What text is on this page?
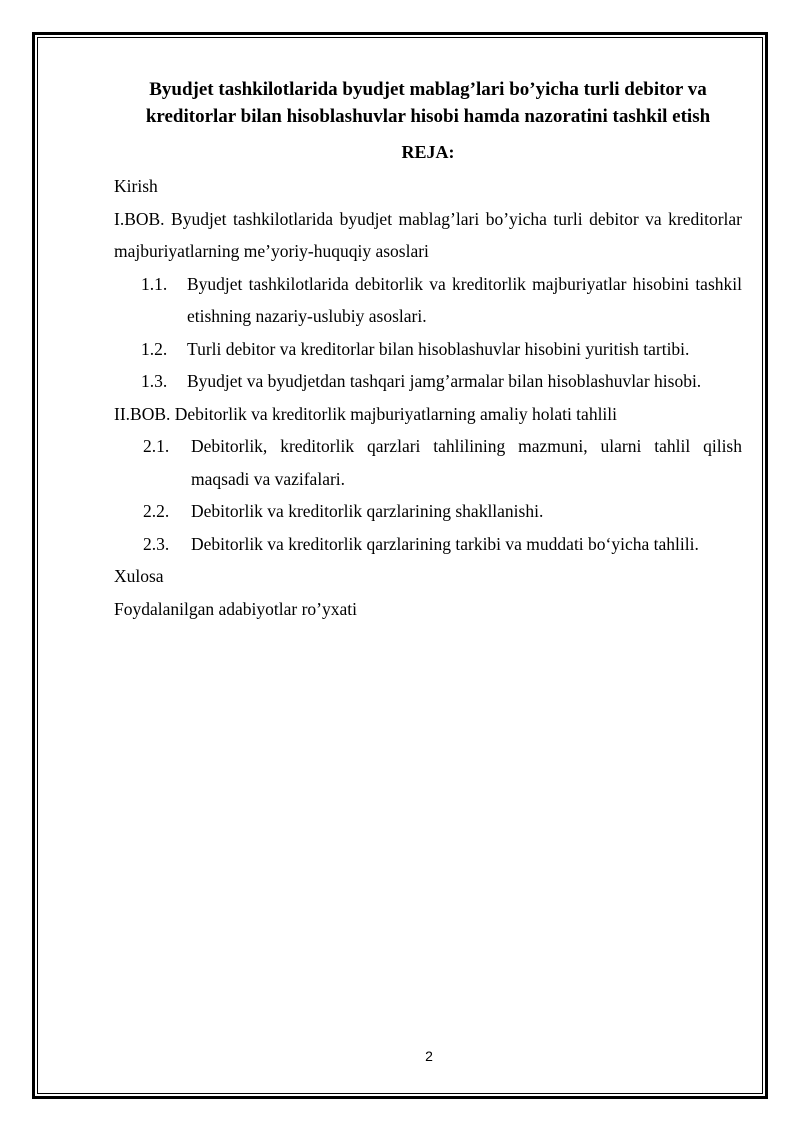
Byudjet tashkilotlarida byudjet mablag’lari bo’yicha turli debitor va kreditorlar bilan hisoblashuvlar hisobi hamda nazoratini tashkil etish
REJA:

Kirish

I.BOB. Byudjet tashkilotlarida byudjet mablag’lari bo’yicha turli debitor va kreditorlar majburiyatlarning me’yoriy-huquqiy asoslari

1.1.	Byudjet tashkilotlarida debitorlik va kreditorlik majburiyatlar hisobini tashkil etishning nazariy-uslubiy asoslari.
1.2.	Turli debitor va kreditorlar bilan hisoblashuvlar hisobini yuritish tartibi.
1.3.	Byudjet va byudjetdan tashqari jamg’armalar bilan hisoblashuvlar hisobi.

II.BOB. Debitorlik va kreditorlik majburiyatlarning amaliy holati tahlili

2.1.	Debitorlik, kreditorlik qarzlari tahlilining mazmuni, ularni tahlil qilish maqsadi va vazifalari.
2.2.	Debitorlik va kreditorlik qarzlarining shakllanishi.
2.3.	Debitorlik va kreditorlik qarzlarining tarkibi va muddati bo‘yicha tahlili.

Xulosa

Foydalanilgan adabiyotlar ro’yxati

2
